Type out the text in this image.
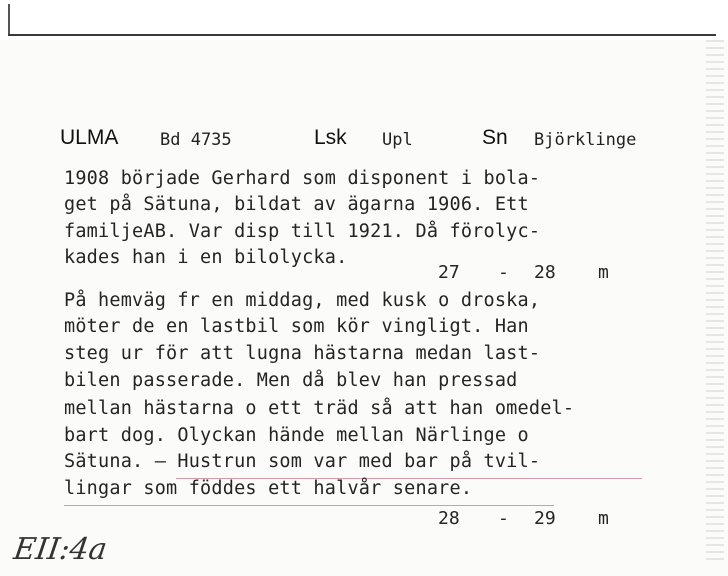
ULMA Bd 4735	Lsk Upl	Sn Björklinge
1908 började Gerhard som disponent i bola-
get på Sätuna, bildat av ägarna 1906. Ett
familjeAB. Var disp till 1921. Då förolyc-
kades han i en bilolycka.
27 - 28 m
På hemväg fr en middag, med kusk o droska,
möter de en lastbil som kör vingligt. Han
steg ur för att lugna hästarna medan last-
bilen passerade. Men då blev han pressad
mellan hästarna o ett träd så att han omedel-
bart dog. Olyckan hände mellan Närlinge o
Sätuna. – Hustrun som var med bar på tvil-
lingar som föddes ett halvår senare.
28 - 29 m
EII:4a
